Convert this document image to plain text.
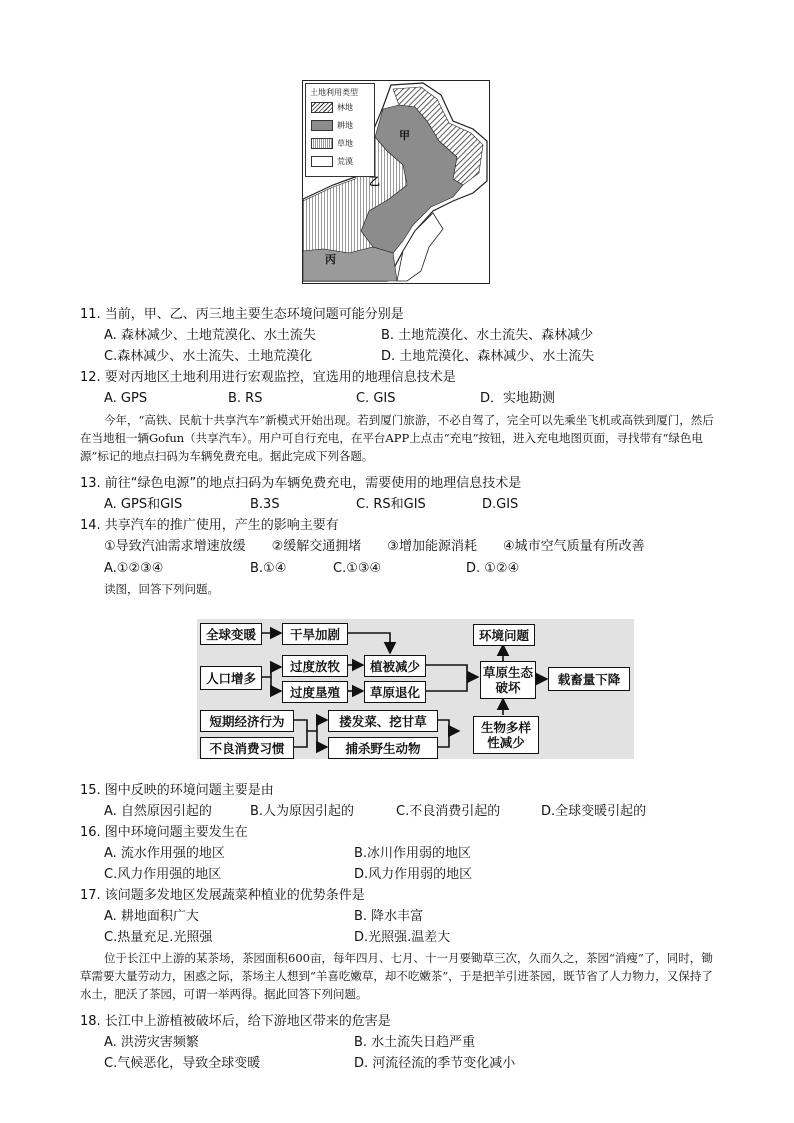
土地利用类型
林地
耕地
草地
荒漠
甲
乙
丙
11. 当前，甲、乙、丙三地主要生态环境问题可能分别是
A. 森林减少、土地荒漠化、水土流失	B. 土地荒漠化、水土流失、森林减少
C.森林减少、水土流失、土地荒漠化	D. 土地荒漠化、森林减少、水土流失
12. 要对丙地区土地利用进行宏观监控，宜选用的地理信息技术是
A. GPS	B. RS	C. GIS	D．实地勘测
今年，“高铁、民航十共享汽车”新模式开始出现。若到厦门旅游，不必自驾了，完全可以先乘坐飞机或高铁到厦门，然后在当地租一辆Gofun（共享汽车）。用户可自行充电，在平台APP上点击“充电”按钮，进入充电地图页面，寻找带有“绿色电源”标记的地点扫码为车辆免费充电。据此完成下列各题。
13. 前往“绿色电源”的地点扫码为车辆免费充电，需要使用的地理信息技术是
A. GPS和GIS	B.3S	C. RS和GIS	D.GIS
14. 共享汽车的推广使用，产生的影响主要有
①导致汽油需求增速放缓　　②缓解交通拥堵　　③增加能源消耗　　④城市空气质量有所改善
A.①②③④	B.①④	C.①③④	D. ①②④
读图，回答下列问题。
全球变暖	干旱加剧
人口增多
过度放牧
过度垦殖
植被减少
草原退化
环境问题
草原生态破坏
载畜量下降
短期经济行为
不良消费习惯
搂发菜、挖甘草
捕杀野生动物
生物多样性减少
15. 图中反映的环境问题主要是由
A. 自然原因引起的	B.人为原因引起的	C.不良消费引起的	D.全球变暖引起的
16. 图中环境问题主要发生在
A. 流水作用强的地区	B.冰川作用弱的地区
C.风力作用强的地区	D.风力作用弱的地区
17. 该问题多发地区发展蔬菜种植业的优势条件是
A. 耕地面积广大	B. 降水丰富
C.热量充足.光照强	D.光照强.温差大
位于长江中上游的某茶场，茶园面积600亩，每年四月、七月、十一月要锄草三次，久而久之，茶园“消瘦”了，同时，锄草需要大量劳动力，困惑之际，茶场主人想到“羊喜吃嫩草，却不吃嫩茶”，于是把羊引进茶园，既节省了人力物力，又保持了水土，肥沃了茶园，可谓一举两得。据此回答下列问题。
18. 长江中上游植被破坏后，给下游地区带来的危害是
A. 洪涝灾害频繁	B. 水土流失日趋严重
C.气候恶化，导致全球变暖	D. 河流径流的季节变化减小
